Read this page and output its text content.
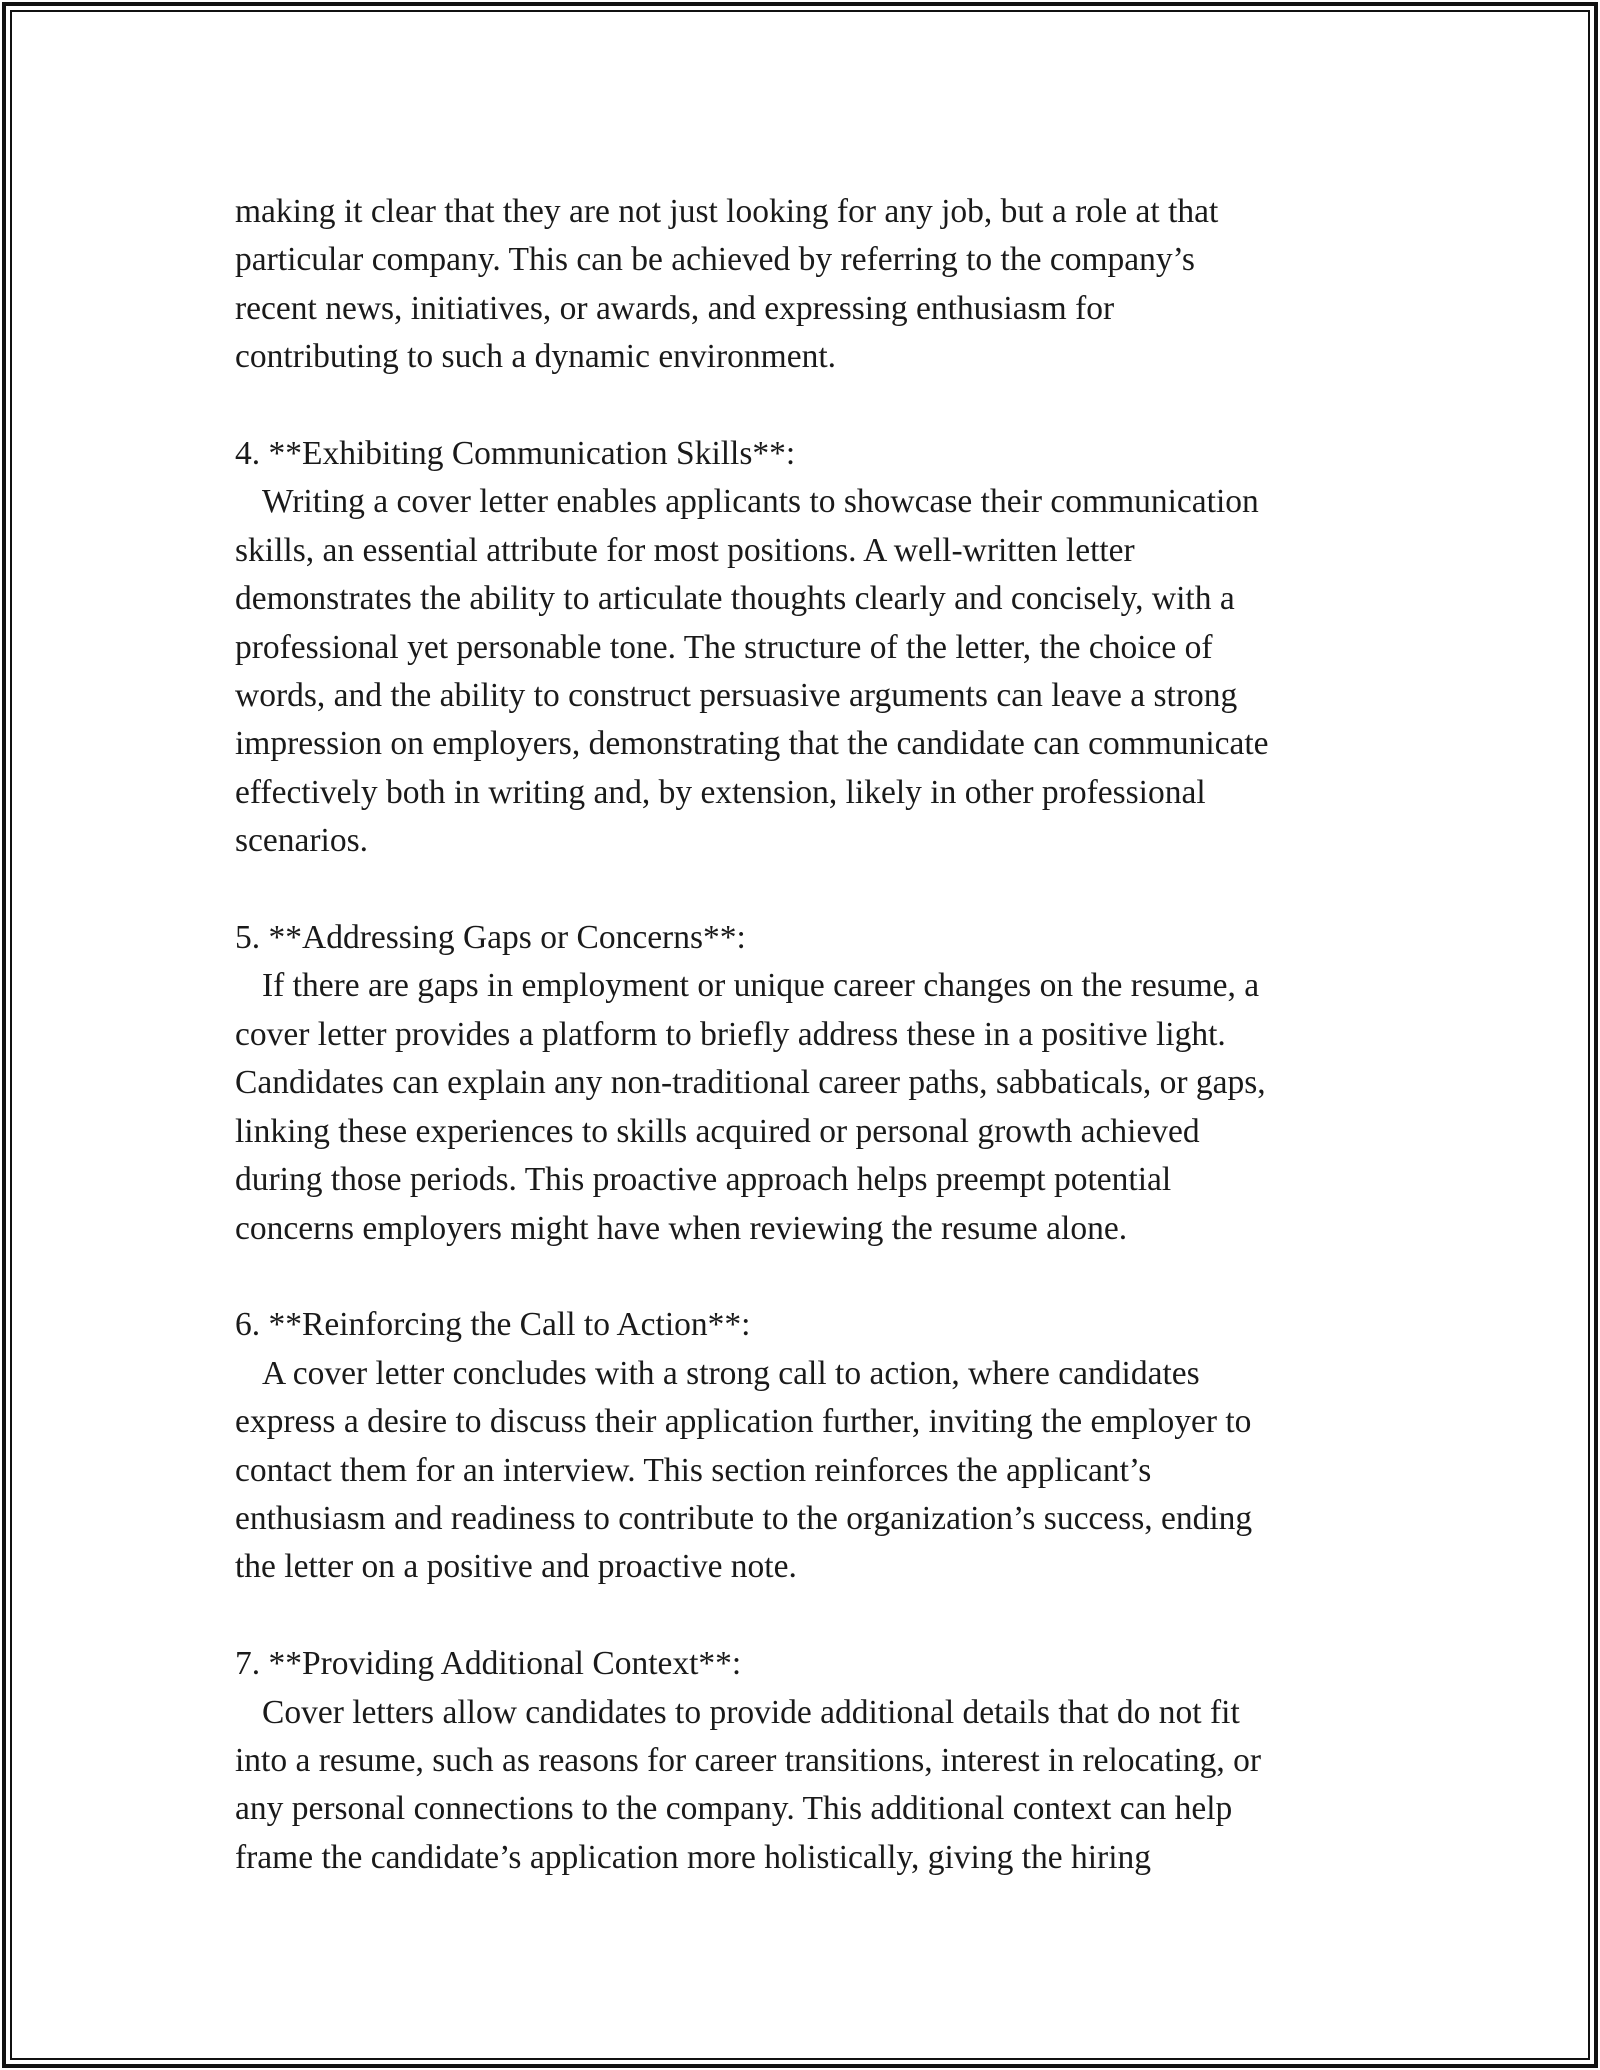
making it clear that they are not just looking for any job, but a role at that
particular company. This can be achieved by referring to the company’s
recent news, initiatives, or awards, and expressing enthusiasm for
contributing to such a dynamic environment.

4. **Exhibiting Communication Skills**:

Writing a cover letter enables applicants to showcase their communication
skills, an essential attribute for most positions. A well-written letter
demonstrates the ability to articulate thoughts clearly and concisely, with a
professional yet personable tone. The structure of the letter, the choice of
words, and the ability to construct persuasive arguments can leave a strong
impression on employers, demonstrating that the candidate can communicate
effectively both in writing and, by extension, likely in other professional
scenarios.

5. **Addressing Gaps or Concerns**:

If there are gaps in employment or unique career changes on the resume, a
cover letter provides a platform to briefly address these in a positive light.
Candidates can explain any non-traditional career paths, sabbaticals, or gaps,
linking these experiences to skills acquired or personal growth achieved
during those periods. This proactive approach helps preempt potential
concerns employers might have when reviewing the resume alone.

6. **Reinforcing the Call to Action**:

A cover letter concludes with a strong call to action, where candidates
express a desire to discuss their application further, inviting the employer to
contact them for an interview. This section reinforces the applicant’s
enthusiasm and readiness to contribute to the organization’s success, ending
the letter on a positive and proactive note.

7. **Providing Additional Context**:

Cover letters allow candidates to provide additional details that do not fit
into a resume, such as reasons for career transitions, interest in relocating, or
any personal connections to the company. This additional context can help
frame the candidate’s application more holistically, giving the hiring
